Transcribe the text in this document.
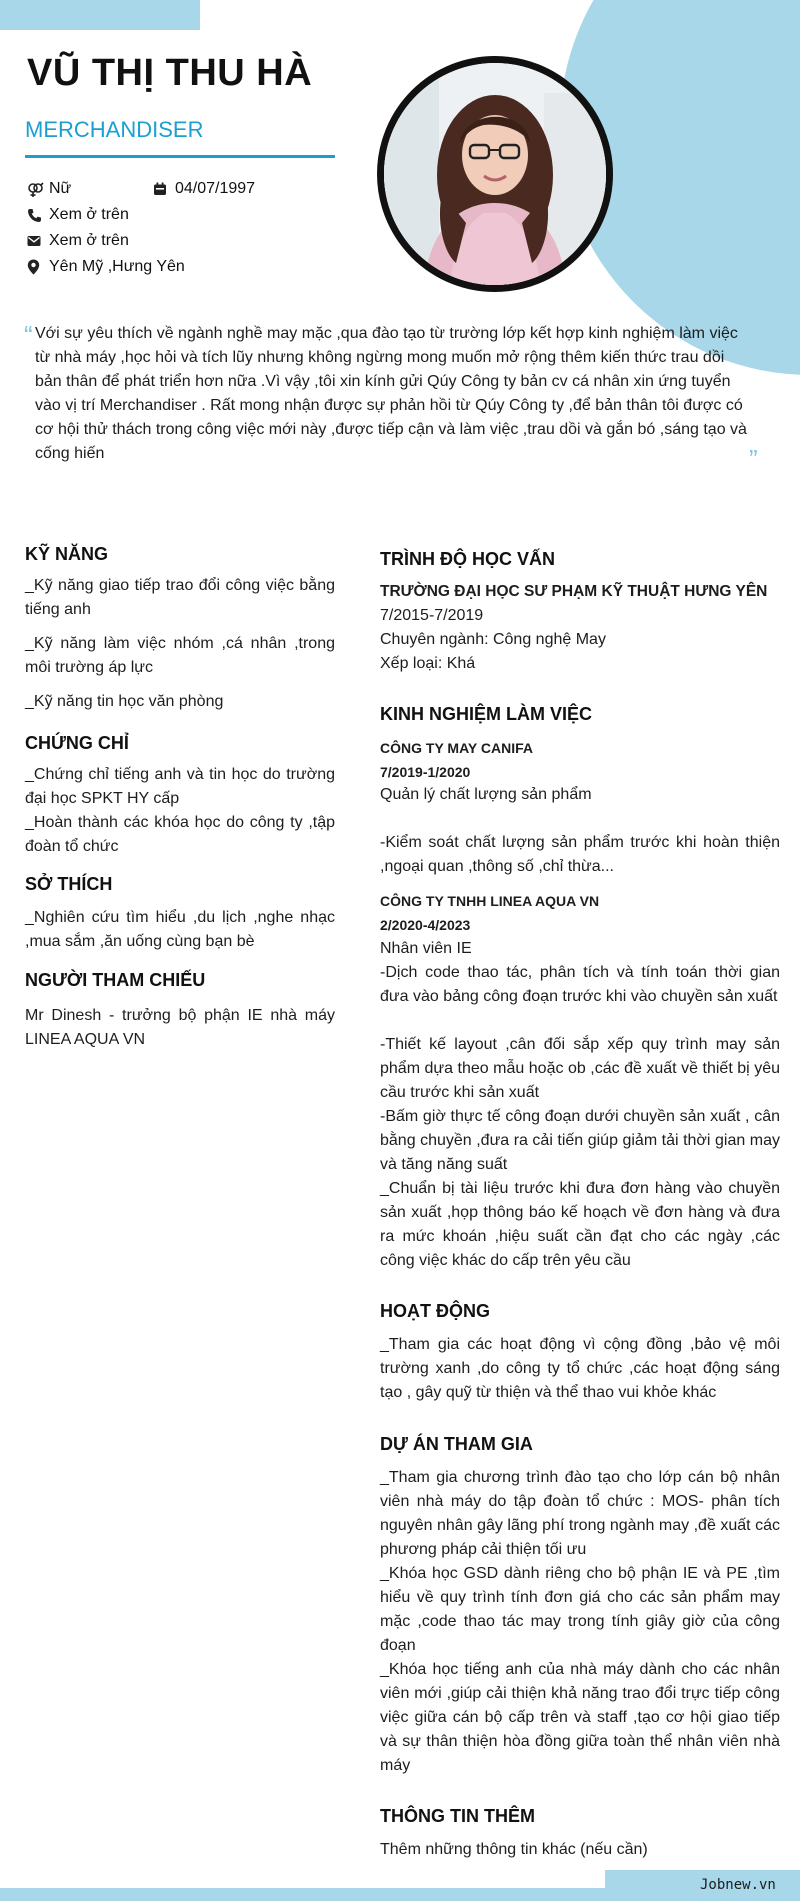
VŨ THỊ THU HÀ
MERCHANDISER
Nữ	04/07/1997
Xem ở trên
Xem ở trên
Yên Mỹ ,Hưng Yên
“ Với sự yêu thích về ngành nghề may mặc ,qua đào tạo từ trường lớp kết hợp kinh nghiệm làm việc từ nhà máy ,học hỏi và tích lũy nhưng không ngừng mong muốn mở rộng thêm kiến thức trau dồi bản thân để phát triển hơn nữa .Vì vậy ,tôi xin kính gửi Qúy Công ty bản cv cá nhân xin ứng tuyển vào vị trí Merchandiser . Rất mong nhận được sự phản hồi từ Qúy Công ty ,để bản thân tôi được có cơ hội thử thách trong công việc mới này ,được tiếp cận và làm việc ,trau dồi và gắn bó ,sáng tạo và cống hiến	”
KỸ NĂNG
_Kỹ năng giao tiếp trao đổi công việc bằng tiếng anh
_Kỹ năng làm việc nhóm ,cá nhân ,trong môi trường áp lực
_Kỹ năng tin học văn phòng
CHỨNG CHỈ
_Chứng chỉ tiếng anh và tin học do trường đại học SPKT HY cấp
_Hoàn thành các khóa học do công ty ,tập đoàn tổ chức
SỞ THÍCH
_Nghiên cứu tìm hiểu ,du lịch ,nghe nhạc ,mua sắm ,ăn uống cùng bạn bè
NGƯỜI THAM CHIẾU
Mr Dinesh - trưởng bộ phận IE nhà máy LINEA AQUA VN
TRÌNH ĐỘ HỌC VẤN
TRƯỜNG ĐẠI HỌC SƯ PHẠM KỸ THUẬT HƯNG YÊN
7/2015-7/2019
Chuyên ngành: Công nghệ May
Xếp loại: Khá
KINH NGHIỆM LÀM VIỆC
CÔNG TY MAY CANIFA
7/2019-1/2020
Quản lý chất lượng sản phẩm
-Kiểm soát chất lượng sản phẩm trước khi hoàn thiện ,ngoại quan ,thông số ,chỉ thừa...
CÔNG TY TNHH LINEA AQUA VN
2/2020-4/2023
Nhân viên IE
-Dịch code thao tác, phân tích và tính toán thời gian đưa vào bảng công đoạn trước khi vào chuyền sản xuất
-Thiết kế layout ,cân đối sắp xếp quy trình may sản phẩm dựa theo mẫu hoặc ob ,các đề xuất về thiết bị yêu cầu trước khi sản xuất
-Bấm giờ thực tế công đoạn dưới chuyền sản xuất , cân bằng chuyền ,đưa ra cải tiến giúp giảm tải thời gian may và tăng năng suất
_Chuẩn bị tài liệu trước khi đưa đơn hàng vào chuyền sản xuất ,họp thông báo kế hoạch về đơn hàng và đưa ra mức khoán ,hiệu suất cần đạt cho các ngày ,các công việc khác do cấp trên yêu cầu
HOẠT ĐỘNG
_Tham gia các hoạt động vì cộng đồng ,bảo vệ môi trường xanh ,do công ty tổ chức ,các hoạt động sáng tạo , gây quỹ từ thiện và thể thao vui khỏe khác
DỰ ÁN THAM GIA
_Tham gia chương trình đào tạo cho lớp cán bộ nhân viên nhà máy do tập đoàn tổ chức : MOS- phân tích nguyên nhân gây lãng phí trong ngành may ,đề xuất các phương pháp cải thiện tối ưu
_Khóa học GSD dành riêng cho bộ phận IE và PE ,tìm hiểu về quy trình tính đơn giá cho các sản phẩm may mặc ,code thao tác may trong tính giây giờ của công đoạn
_Khóa học tiếng anh của nhà máy dành cho các nhân viên mới ,giúp cải thiện khả năng trao đổi trực tiếp công việc giữa cán bộ cấp trên và staff ,tạo cơ hội giao tiếp và sự thân thiện hòa đồng giữa toàn thể nhân viên nhà máy
THÔNG TIN THÊM
Thêm những thông tin khác (nếu cần)
Jobnew.vn
